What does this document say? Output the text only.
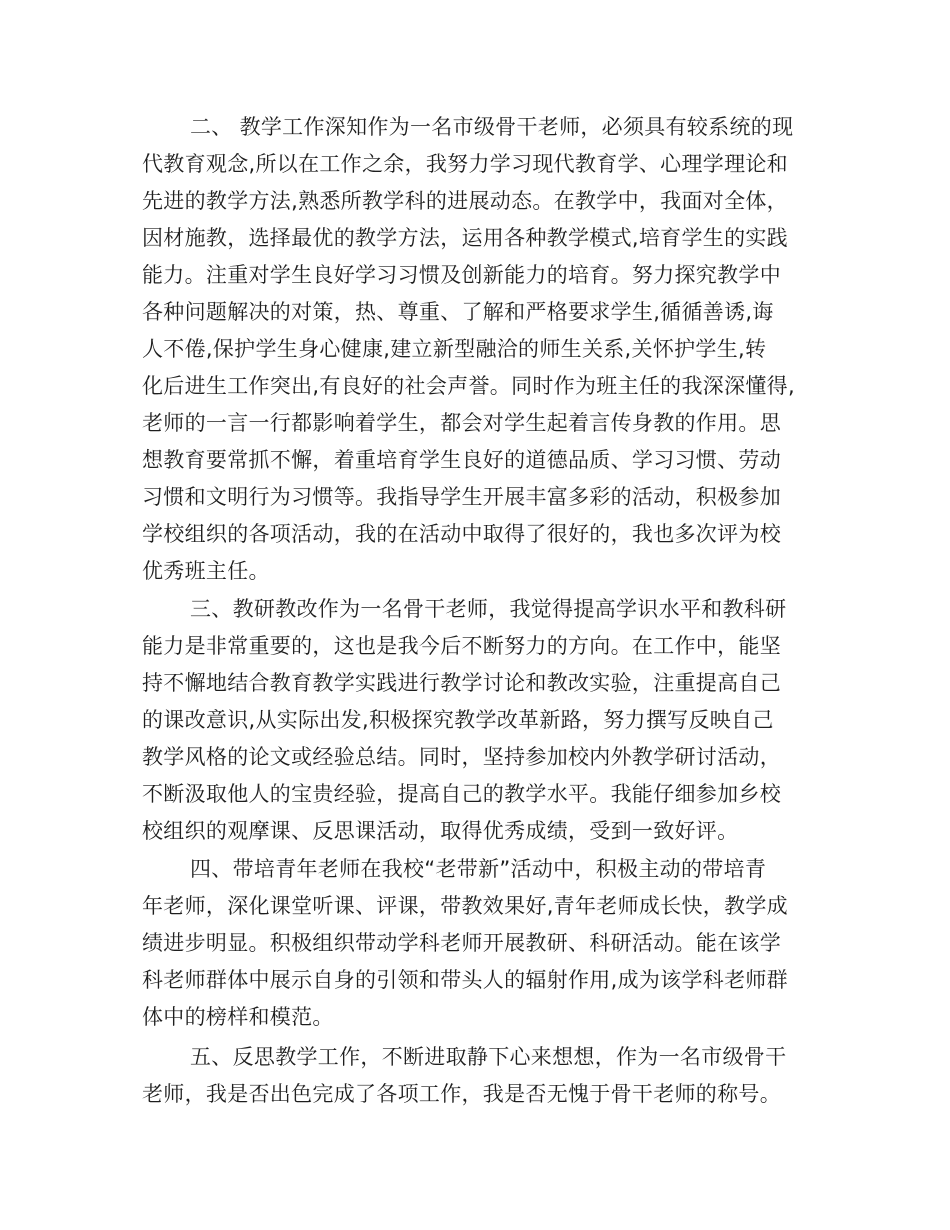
二、 教学工作深知作为一名市级骨干老师，必须具有较系统的现
代教育观念,所以在工作之余，我努力学习现代教育学、心理学理论和
先进的教学方法,熟悉所教学科的进展动态。在教学中，我面对全体，
因材施教，选择最优的教学方法，运用各种教学模式,培育学生的实践
能力。注重对学生良好学习习惯及创新能力的培育。努力探究教学中
各种问题解决的对策，热、尊重、了解和严格要求学生,循循善诱,诲
人不倦,保护学生身心健康,建立新型融洽的师生关系,关怀护学生,转
化后进生工作突出,有良好的社会声誉。同时作为班主任的我深深懂得,
老师的一言一行都影响着学生，都会对学生起着言传身教的作用。思
想教育要常抓不懈，着重培育学生良好的道德品质、学习习惯、劳动
习惯和文明行为习惯等。我指导学生开展丰富多彩的活动，积极参加
学校组织的各项活动，我的在活动中取得了很好的，我也多次评为校
优秀班主任。
三、教研教改作为一名骨干老师，我觉得提高学识水平和教科研
能力是非常重要的，这也是我今后不断努力的方向。在工作中，能坚
持不懈地结合教育教学实践进行教学讨论和教改实验，注重提高自己
的课改意识,从实际出发,积极探究教学改革新路，努力撰写反映自己
教学风格的论文或经验总结。同时，坚持参加校内外教学研讨活动，
不断汲取他人的宝贵经验，提高自己的教学水平。我能仔细参加乡校
校组织的观摩课、反思课活动，取得优秀成绩，受到一致好评。
四、带培青年老师在我校“老带新”活动中，积极主动的带培青
年老师，深化课堂听课、评课，带教效果好,青年老师成长快，教学成
绩进步明显。积极组织带动学科老师开展教研、科研活动。能在该学
科老师群体中展示自身的引领和带头人的辐射作用,成为该学科老师群
体中的榜样和模范。
五、反思教学工作，不断进取静下心来想想，作为一名市级骨干
老师，我是否出色完成了各项工作，我是否无愧于骨干老师的称号。
